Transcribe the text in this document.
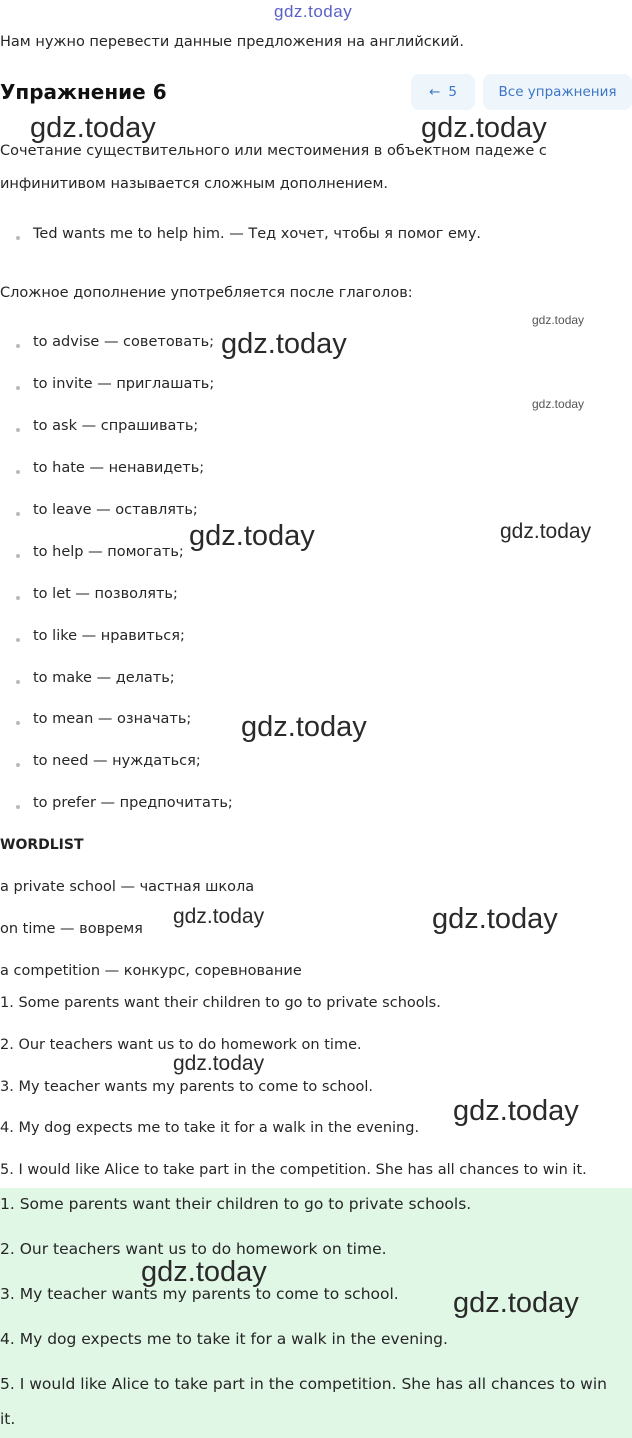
gdz.today
Нам нужно перевести данные предложения на английский.
Упражнение 6	← 5	Все упражнения
Сочетание существительного или местоимения в объектном падеже с
инфинитивом называется сложным дополнением.
Ted wants me to help him. — Тед хочет, чтобы я помог ему.
Сложное дополнение употребляется после глаголов:
to advise — советовать;
to invite — приглашать;
to ask — спрашивать;
to hate — ненавидеть;
to leave — оставлять;
to help — помогать;
to let — позволять;
to like — нравиться;
to make — делать;
to mean — означать;
to need — нуждаться;
to prefer — предпочитать;
WORDLIST
a private school — частная школа
on time — вовремя
a competition — конкурс, соревнование
1. Some parents want their children to go to private schools.
2. Our teachers want us to do homework on time.
3. My teacher wants my parents to come to school.
4. My dog expects me to take it for a walk in the evening.
5. I would like Alice to take part in the competition. She has all chances to win it.
1. Some parents want their children to go to private schools.
2. Our teachers want us to do homework on time.
3. My teacher wants my parents to come to school.
4. My dog expects me to take it for a walk in the evening.
5. I would like Alice to take part in the competition. She has all chances to win
it.
gdz.today	gdz.today
gdz.today
gdz.today
gdz.today
gdz.today	gdz.today
gdz.today
gdz.today	gdz.today
gdz.today
gdz.today
gdz.today
gdz.today
